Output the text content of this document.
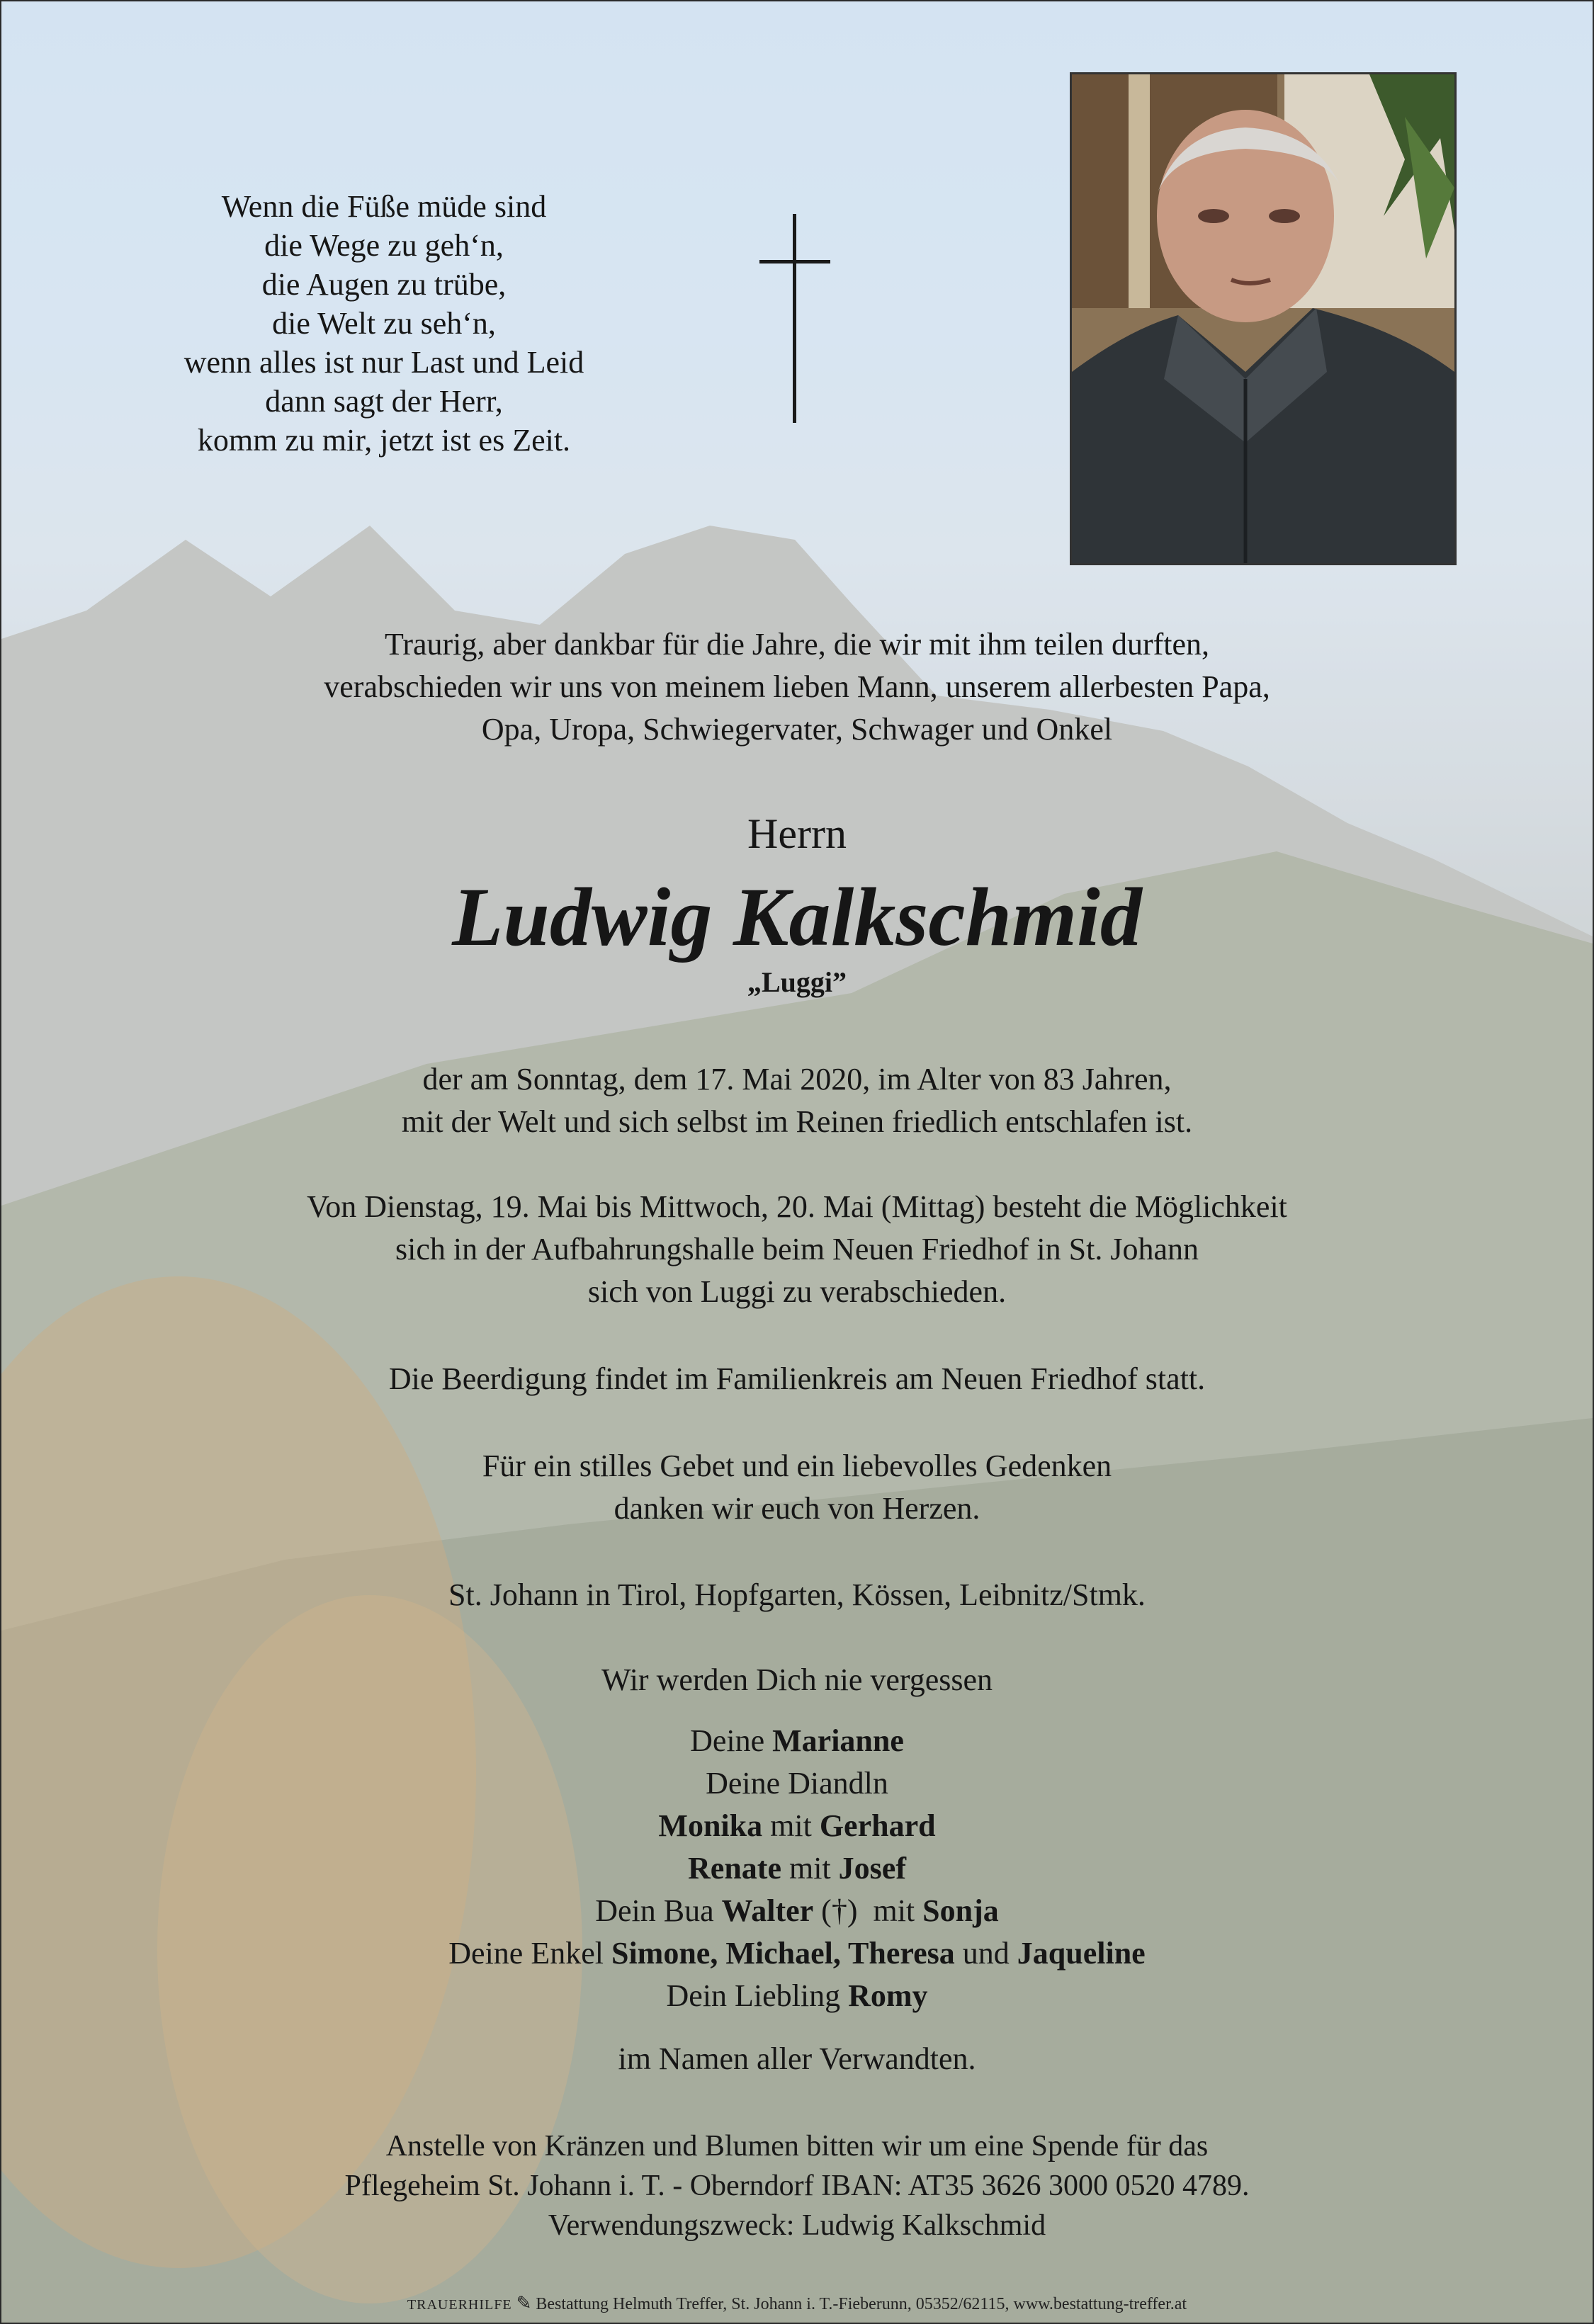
Wenn die Füße müde sind
die Wege zu geh‘n,
die Augen zu trübe,
die Welt zu seh‘n,
wenn alles ist nur Last und Leid
dann sagt der Herr,
komm zu mir, jetzt ist es Zeit.
Traurig, aber dankbar für die Jahre, die wir mit ihm teilen durften,
verabschieden wir uns von meinem lieben Mann, unserem allerbesten Papa,
Opa, Uropa, Schwiegervater, Schwager und Onkel
Herrn
Ludwig Kalkschmid
„Luggi”
der am Sonntag, dem 17. Mai 2020, im Alter von 83 Jahren,
mit der Welt und sich selbst im Reinen friedlich entschlafen ist.
Von Dienstag, 19. Mai bis Mittwoch, 20. Mai (Mittag) besteht die Möglichkeit
sich in der Aufbahrungshalle beim Neuen Friedhof in St. Johann
sich von Luggi zu verabschieden.
Die Beerdigung findet im Familienkreis am Neuen Friedhof statt.
Für ein stilles Gebet und ein liebevolles Gedenken
danken wir euch von Herzen.
St. Johann in Tirol, Hopfgarten, Kössen, Leibnitz/Stmk.
Wir werden Dich nie vergessen
Deine Marianne
Deine Diandln
Monika mit Gerhard
Renate mit Josef
Dein Bua Walter (†)  mit Sonja
Deine Enkel Simone, Michael, Theresa und Jaqueline
Dein Liebling Romy
im Namen aller Verwandten.
Anstelle von Kränzen und Blumen bitten wir um eine Spende für das
Pflegeheim St. Johann i. T. - Oberndorf IBAN: AT35 3626 3000 0520 4789.
Verwendungszweck: Ludwig Kalkschmid
TRAUERHILFE ✎ Bestattung Helmuth Treffer, St. Johann i. T.-Fieberunn, 05352/62115, www.bestattung-treffer.at
